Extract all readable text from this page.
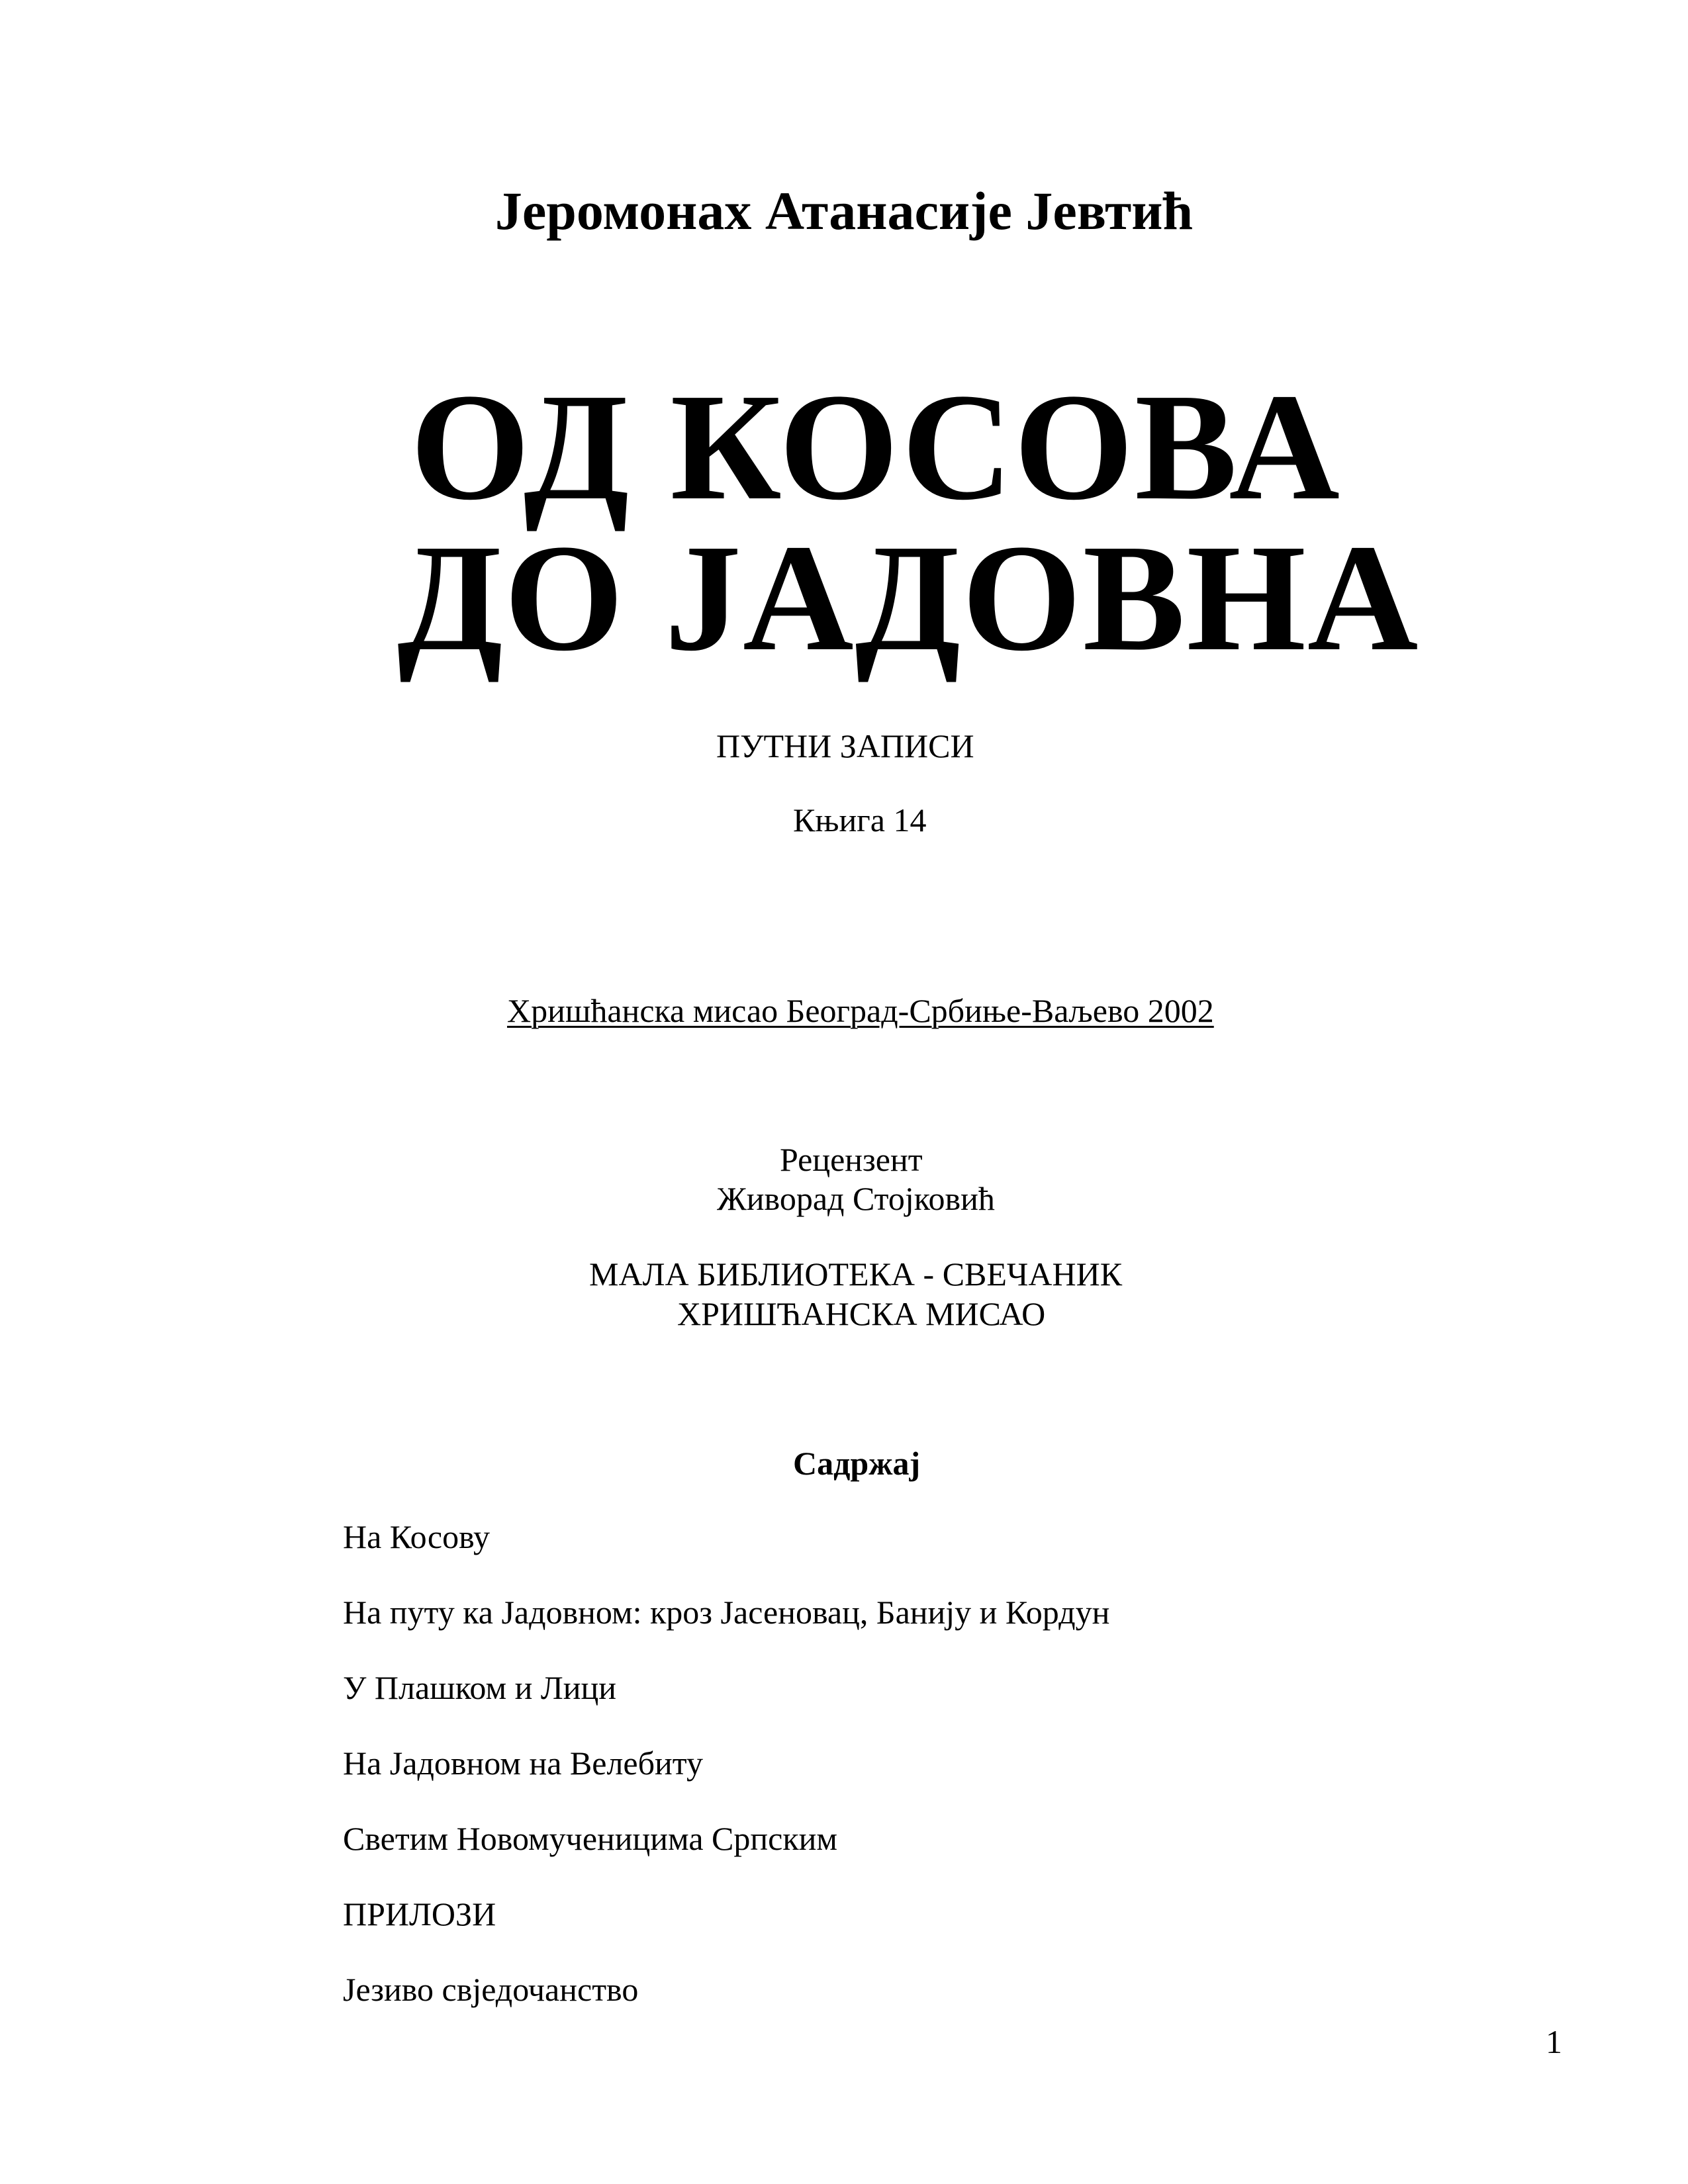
Јеромонах Атанасије Јевтић

ОД КОСОВА

ДО ЈАДОВНА

ПУТНИ ЗАПИСИ

Књига 14

Хришћанска мисао Београд-Србиње-Ваљево 2002

Рецензент

Живорад Стојковић

МАЛА БИБЛИОТЕКА - СВЕЧАНИК

ХРИШЋАНСКА МИСАО

Садржај

На Косову
На путу ка Јадовном: кроз Јасеновац, Банију и Кордун
У Плашком и Лици
На Јадовном на Велебиту
Светим Новомученицима Српским
ПРИЛОЗИ
Језиво свједочанство

1
